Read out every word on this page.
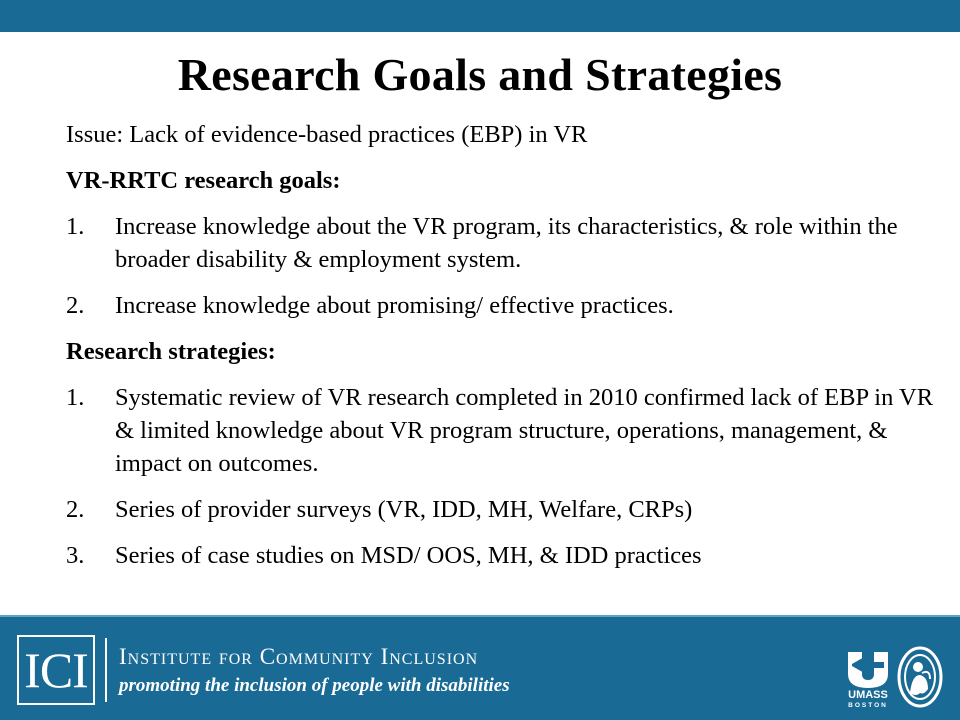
Research Goals and Strategies

Issue: Lack of evidence-based practices (EBP) in VR

VR-RRTC research goals:

1. Increase knowledge about the VR program, its characteristics, & role within the broader disability & employment system.
2. Increase knowledge about promising/ effective practices.

Research strategies:

1. Systematic review of VR research completed in 2010 confirmed lack of EBP in VR & limited knowledge about VR program structure, operations, management, & impact on outcomes.
2. Series of provider surveys (VR, IDD, MH, Welfare, CRPs)
3. Series of case studies on MSD/ OOS, MH, & IDD practices
ICI Institute for Community Inclusion
promoting the inclusion of people with disabilities	UMASS
BOSTON
